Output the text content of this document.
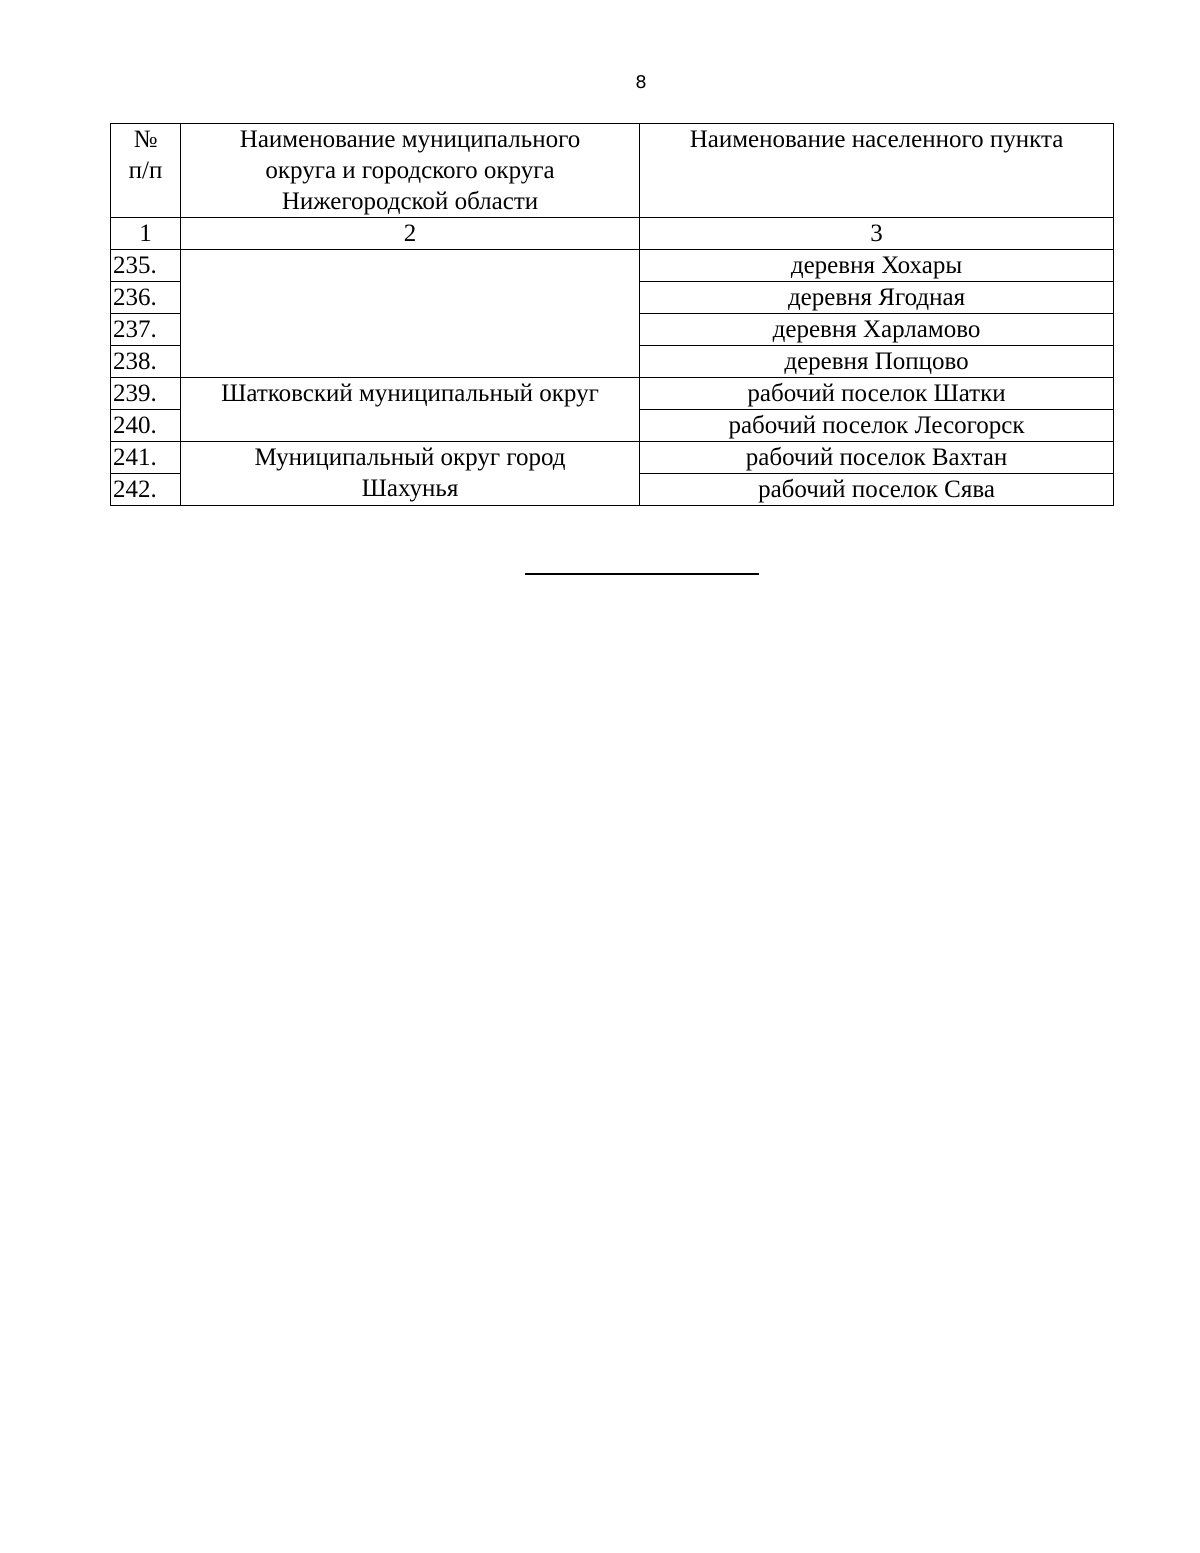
8
№
п/п	Наименование муниципального округа и городского округа Нижегородской области	Наименование населенного пункта
1	2	3
235.		деревня Хохары
236.		деревня Ягодная
237.		деревня Харламово
238.		деревня Попцово
239.	Шатковский муниципальный округ	рабочий поселок Шатки
240.		рабочий поселок Лесогорск
241.	Муниципальный округ город Шахунья	рабочий поселок Вахтан
242.		рабочий поселок Сява
